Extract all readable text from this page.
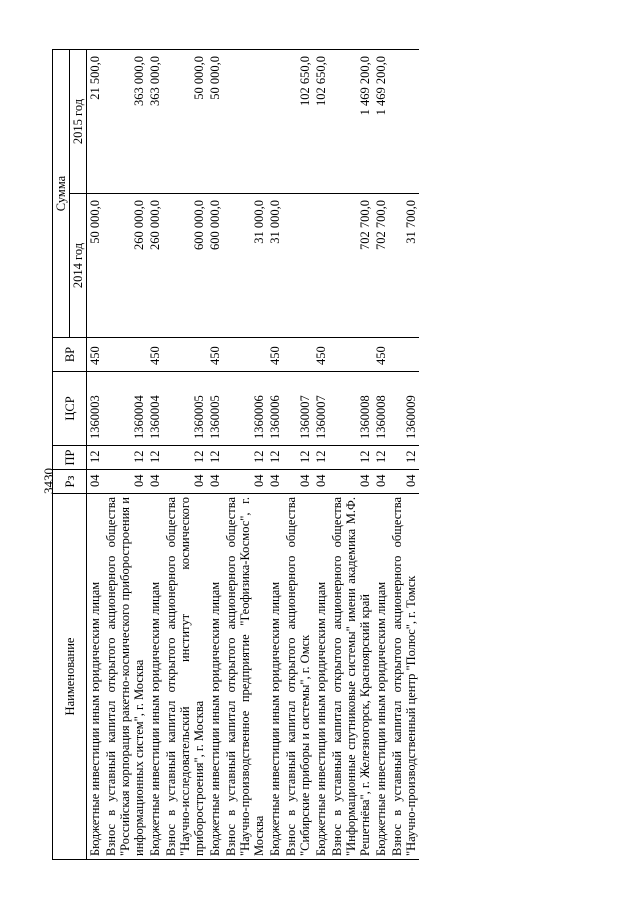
3430
Наименование	Рз	ПР	ЦСР	ВР	Сумма	
					2014 год	2015 год
Бюджетные инвестиции иным юридическим лицам	04	12	1360003	450	50 000,0	21 500,0
Взнос в уставный капитал открытого акционерного общества "Российская корпорация ракетно-космического приборостроения и информационных систем", г. Москва	04	12	1360004		260 000,0	363 000,0
Бюджетные инвестиции иным юридическим лицам	04	12	1360004	450	260 000,0	363 000,0
Взнос в уставный капитал открытого акционерного общества "Научно-исследовательский институт космического приборостроения", г. Москва	04	12	1360005		600 000,0	50 000,0
Бюджетные инвестиции иным юридическим лицам	04	12	1360005	450	600 000,0	50 000,0
Взнос в уставный капитал открытого акционерного общества "Научно-производственное предприятие "Геофизика-Космос", г. Москва	04	12	1360006		31 000,0	
Бюджетные инвестиции иным юридическим лицам	04	12	1360006	450	31 000,0	
Взнос в уставный капитал открытого акционерного общества "Сибирские приборы и системы", г. Омск	04	12	1360007			102 650,0
Бюджетные инвестиции иным юридическим лицам	04	12	1360007	450		102 650,0
Взнос в уставный капитал открытого акционерного общества "Информационные спутниковые системы" имени академика М.Ф. Решетнёва", г. Железногорск, Красноярский край	04	12	1360008		702 700,0	1 469 200,0
Бюджетные инвестиции иным юридическим лицам	04	12	1360008	450	702 700,0	1 469 200,0
Взнос в уставный капитал открытого акционерного общества "Научно-производственный центр "Полюс", г. Томск	04	12	1360009		31 700,0	
